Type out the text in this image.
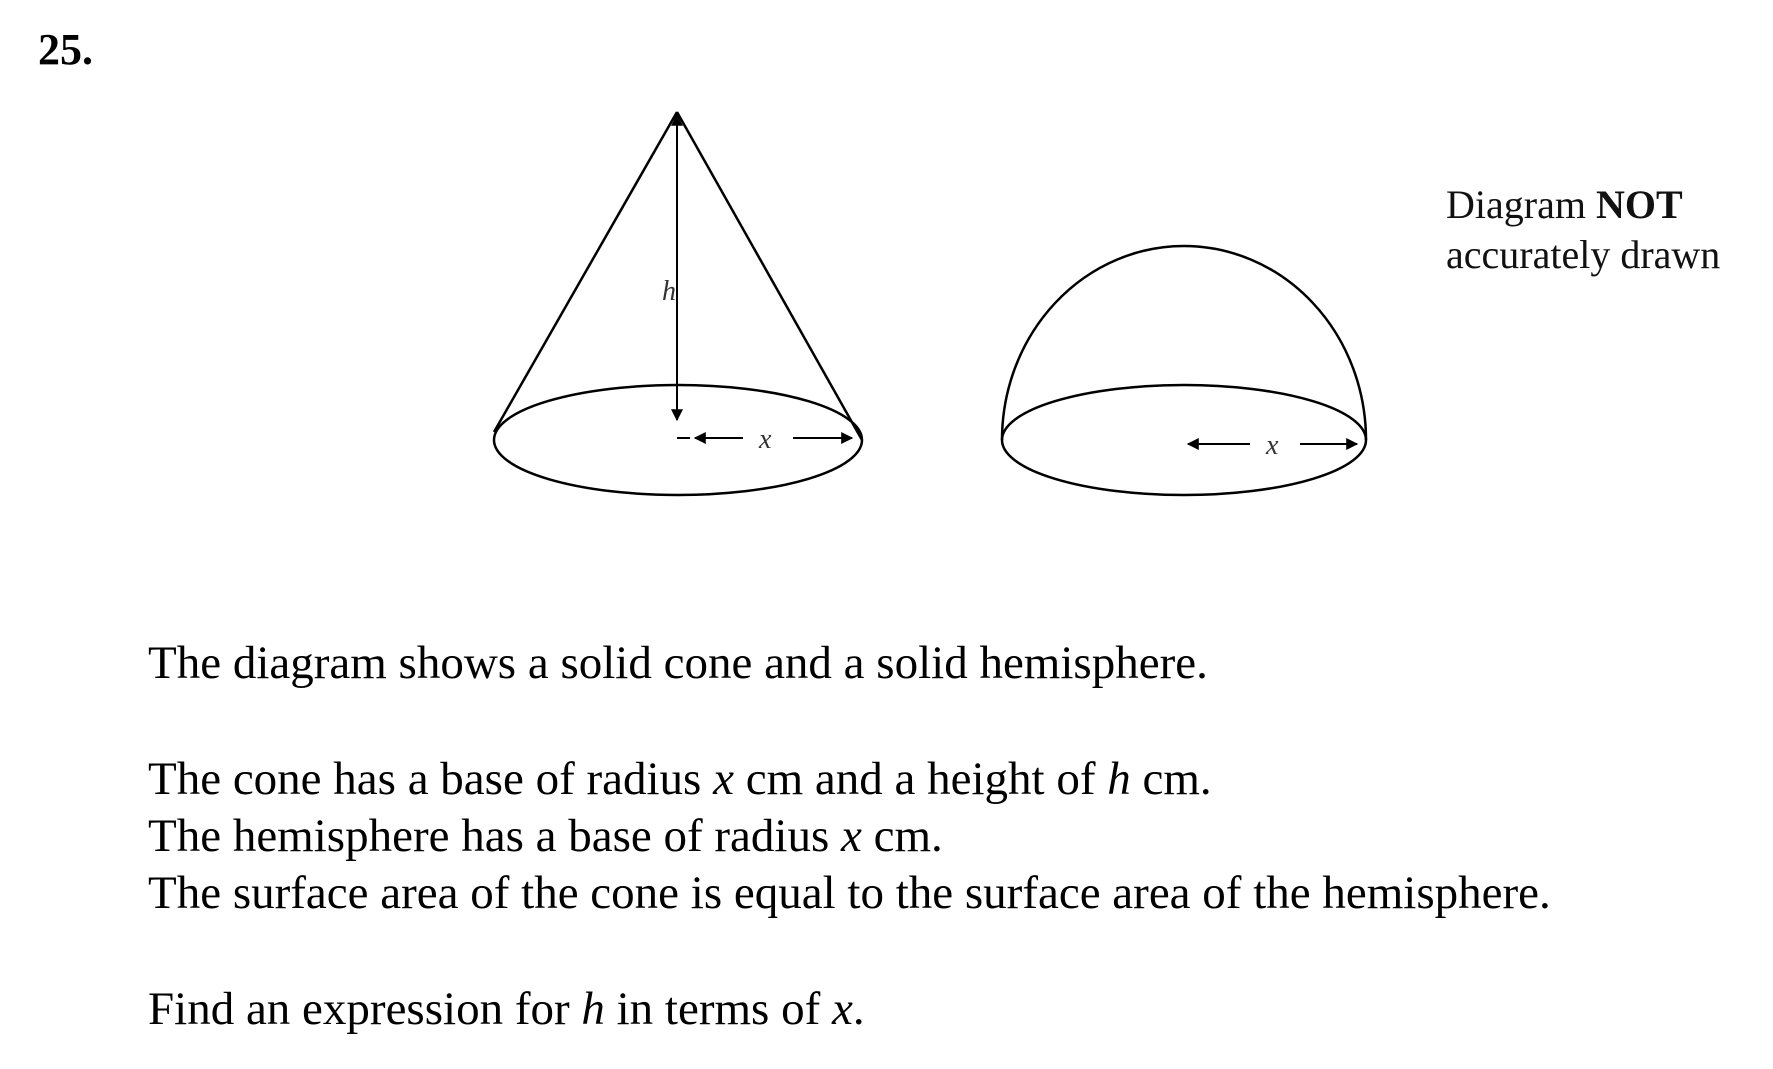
25.
h
x	x
Diagram NOT
accurately drawn
The diagram shows a solid cone and a solid hemisphere.
The cone has a base of radius x cm and a height of h cm.
The hemisphere has a base of radius x cm.
The surface area of the cone is equal to the surface area of the hemisphere.
Find an expression for h in terms of x.
